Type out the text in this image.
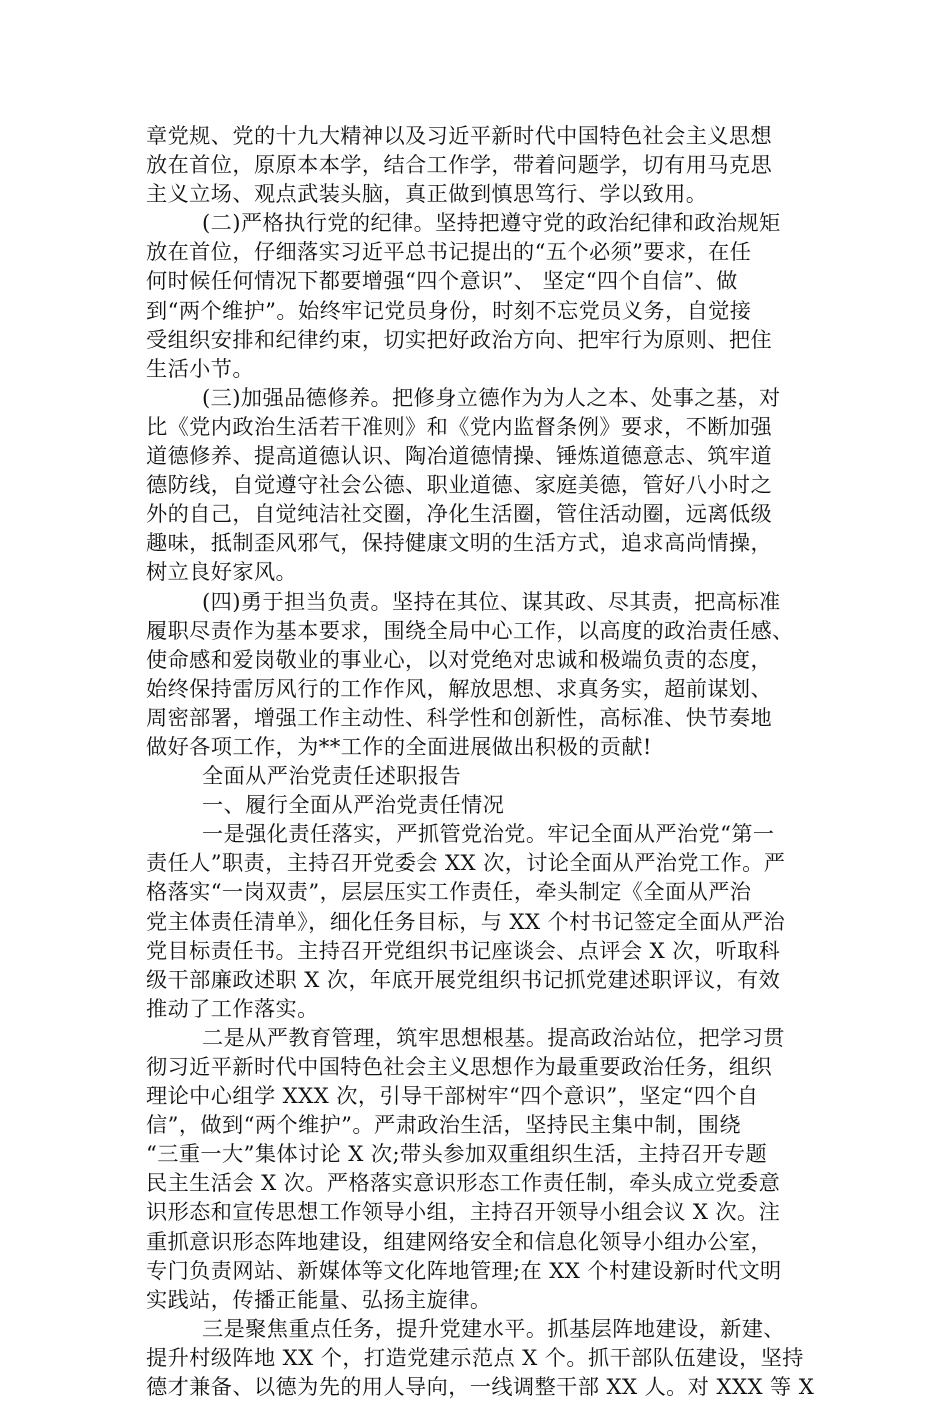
章党规、党的十九大精神以及习近平新时代中国特色社会主义思想
放在首位，原原本本学，结合工作学，带着问题学，切有用马克思
主义立场、观点武装头脑，真正做到慎思笃行、学以致用。
(二)严格执行党的纪律。坚持把遵守党的政治纪律和政治规矩
放在首位，仔细落实习近平总书记提出的“五个必须”要求，在任
何时候任何情况下都要增强“四个意识”、 坚定“四个自信”、做
到“两个维护”。始终牢记党员身份，时刻不忘党员义务，自觉接
受组织安排和纪律约束，切实把好政治方向、把牢行为原则、把住
生活小节。
(三)加强品德修养。把修身立德作为为人之本、处事之基，对
比《党内政治生活若干准则》和《党内监督条例》要求，不断加强
道德修养、提高道德认识、陶冶道德情操、锤炼道德意志、筑牢道
德防线，自觉遵守社会公德、职业道德、家庭美德，管好八小时之
外的自己，自觉纯洁社交圈，净化生活圈，管住活动圈，远离低级
趣味，抵制歪风邪气，保持健康文明的生活方式，追求高尚情操，
树立良好家风。
(四)勇于担当负责。坚持在其位、谋其政、尽其责，把高标准
履职尽责作为基本要求，围绕全局中心工作，以高度的政治责任感、
使命感和爱岗敬业的事业心，以对党绝对忠诚和极端负责的态度，
始终保持雷厉风行的工作作风，解放思想、求真务实，超前谋划、
周密部署，增强工作主动性、科学性和创新性，高标准、快节奏地
做好各项工作，为**工作的全面进展做出积极的贡献!
全面从严治党责任述职报告
一、履行全面从严治党责任情况
一是强化责任落实，严抓管党治党。牢记全面从严治党“第一
责任人”职责，主持召开党委会 XX 次，讨论全面从严治党工作。严
格落实“一岗双责”，层层压实工作责任，牵头制定《全面从严治
党主体责任清单》，细化任务目标，与 XX 个村书记签定全面从严治
党目标责任书。主持召开党组织书记座谈会、点评会 X 次，听取科
级干部廉政述职 X 次，年底开展党组织书记抓党建述职评议，有效
推动了工作落实。
二是从严教育管理，筑牢思想根基。提高政治站位，把学习贯
彻习近平新时代中国特色社会主义思想作为最重要政治任务，组织
理论中心组学 XXX 次，引导干部树牢“四个意识”，坚定“四个自
信”，做到“两个维护”。严肃政治生活，坚持民主集中制，围绕
“三重一大”集体讨论 X 次;带头参加双重组织生活，主持召开专题
民主生活会 X 次。严格落实意识形态工作责任制，牵头成立党委意
识形态和宣传思想工作领导小组，主持召开领导小组会议 X 次。注
重抓意识形态阵地建设，组建网络安全和信息化领导小组办公室，
专门负责网站、新媒体等文化阵地管理;在 XX 个村建设新时代文明
实践站，传播正能量、弘扬主旋律。
三是聚焦重点任务，提升党建水平。抓基层阵地建设，新建、
提升村级阵地 XX 个，打造党建示范点 X 个。抓干部队伍建设，坚持
德才兼备、以德为先的用人导向，一线调整干部 XX 人。对 XXX 等 X
